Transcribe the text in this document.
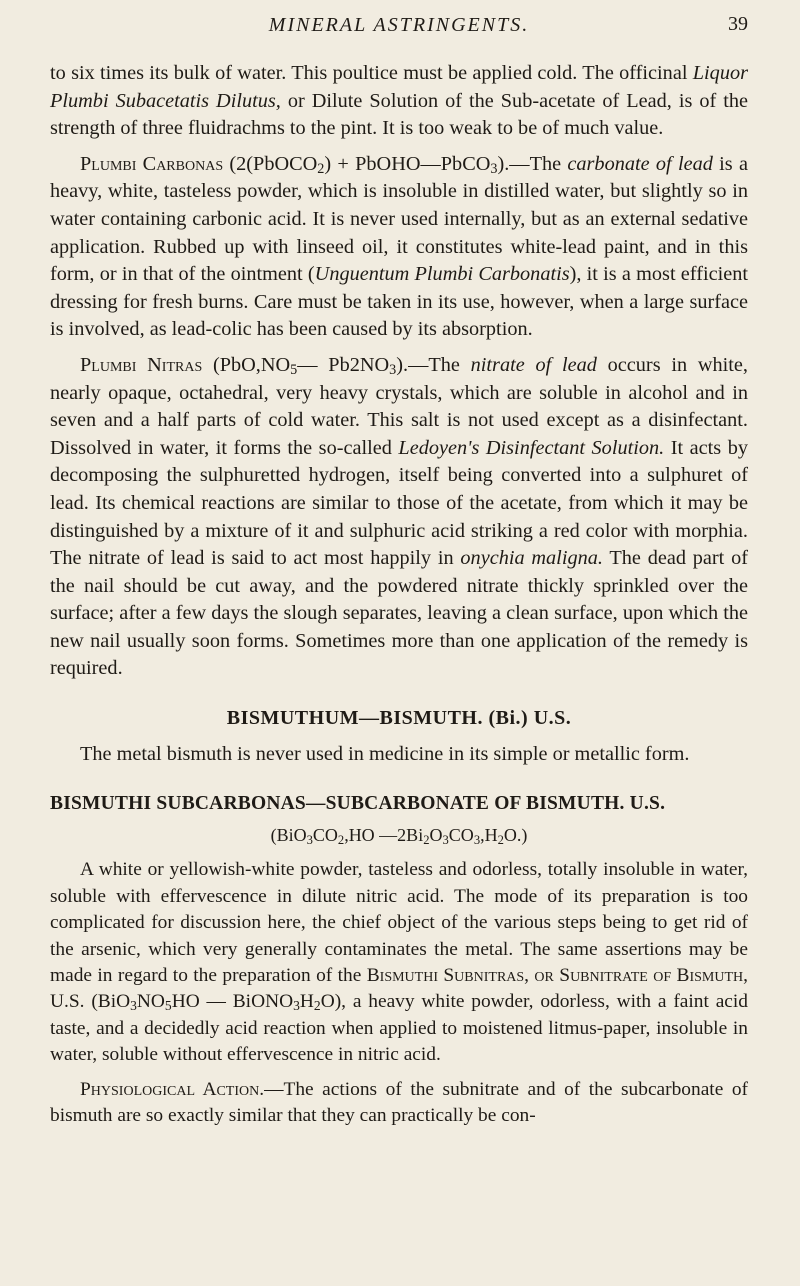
MINERAL ASTRINGENTS.	39

to six times its bulk of water. This poultice must be applied cold. The officinal Liquor Plumbi Subacetatis Dilutus, or Dilute Solution of the Sub-acetate of Lead, is of the strength of three fluidrachms to the pint. It is too weak to be of much value.

Plumbi Carbonas (2(PbOCO$_2$) + PbOHO—PbCO$_3$).—The carbonate of lead is a heavy, white, tasteless powder, which is insoluble in distilled water, but slightly so in water containing carbonic acid. It is never used internally, but as an external sedative application. Rubbed up with linseed oil, it constitutes white-lead paint, and in this form, or in that of the ointment (Unguentum Plumbi Carbonatis), it is a most efficient dressing for fresh burns. Care must be taken in its use, however, when a large surface is involved, as lead-colic has been caused by its absorption.

Plumbi Nitras ($PbO,NO_5—$ $Pb2NO_3).—The$ nitrate of lead occurs in white, nearly opaque, octahedral, very heavy crystals, which are soluble in alcohol and in seven and a half parts of cold water. This salt is not used except as a disinfectant. Dissolved in water, it forms the so-called Ledoyen's Disinfectant Solution. It acts by decomposing the sulphuretted hydrogen, itself being converted into a sulphuret of lead. Its chemical reactions are similar to those of the acetate, from which it may be distinguished by a mixture of it and sulphuric acid striking a red color with morphia. The nitrate of lead is said to act most happily in onychia maligna. The dead part of the nail should be cut away, and the powdered nitrate thickly sprinkled over the surface; after a few days the slough separates, leaving a clean surface, upon which the new nail usually soon forms. Sometimes more than one application of the remedy is required.

BISMUTHUM—BISMUTH. (Bi.) U.S.

The metal bismuth is never used in medicine in its simple or metallic form.

BISMUTHI SUBCARBONAS—SUBCARBONATE OF BISMUTH. U.S.

($BiO_3CO_2,HO$ $—2Bi_2O_3CO_3,H_2O$.)

A white or yellowish-white powder, tasteless and odorless, totally insoluble in water, soluble with effervescence in dilute nitric acid. The mode of its preparation is too complicated for discussion here, the chief object of the various steps being to get rid of the arsenic, which very generally contaminates the metal. The same assertions may be made in regard to the preparation of the Bismuthi Subnitras, or Subnitrate of Bismuth, U.S. ($BiO_3NO_5HO$ — $BiONO_3H_2O$), a heavy white powder, odorless, with a faint acid taste, and a decidedly acid reaction when applied to moistened litmus-paper, insoluble in water, soluble without effervescence in nitric acid.

Physiological Action.—The actions of the subnitrate and of the subcarbonate of bismuth are so exactly similar that they can practically be con-
